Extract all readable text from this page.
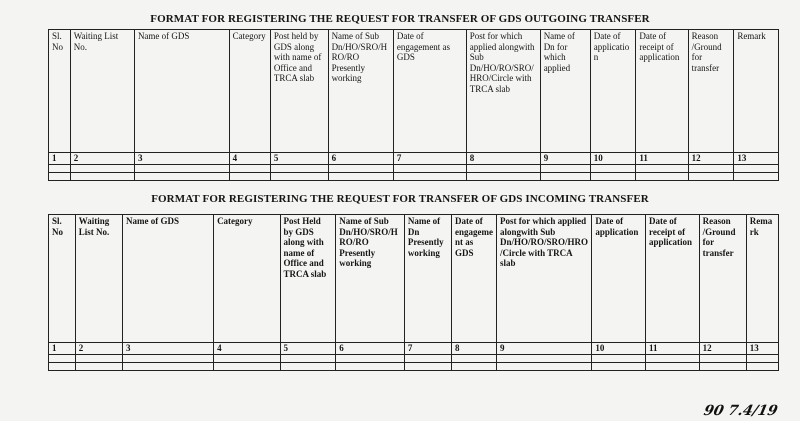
FORMAT FOR REGISTERING THE REQUEST FOR TRANSFER OF GDS OUTGOING TRANSFER
Sl. No	Waiting List No.	Name of GDS	Category	Post held by GDS along with name of Office and TRCA slab	Name of Sub Dn/HO/SRO/HRO/RO Presently working	Date of engagement as GDS	Post for which applied alongwith Sub Dn/HO/RO/SRO/HRO/Circle with TRCA slab	Name of Dn for which applied	Date of application	Date of receipt of application	Reason /Ground for transfer	Remark
1	2	3	4	5	6	7	8	9	10	11	12	13

FORMAT FOR REGISTERING THE REQUEST FOR TRANSFER OF GDS INCOMING TRANSFER
Sl. No	Waiting List No.	Name of GDS	Category	Post Held by GDS along with name of Office and TRCA slab	Name of Sub Dn/HO/SRO/HRO/RO Presently working	Name of Dn Presently working	Date of engagement as GDS	Post for which applied alongwith Sub Dn/HO/RO/SRO/HRO/Circle with TRCA slab	Date of application	Date of receipt of application	Reason /Ground for transfer	Remark
1	2	3	4	5	6	7	8	9	10	11	12	13

90 7.4/19
